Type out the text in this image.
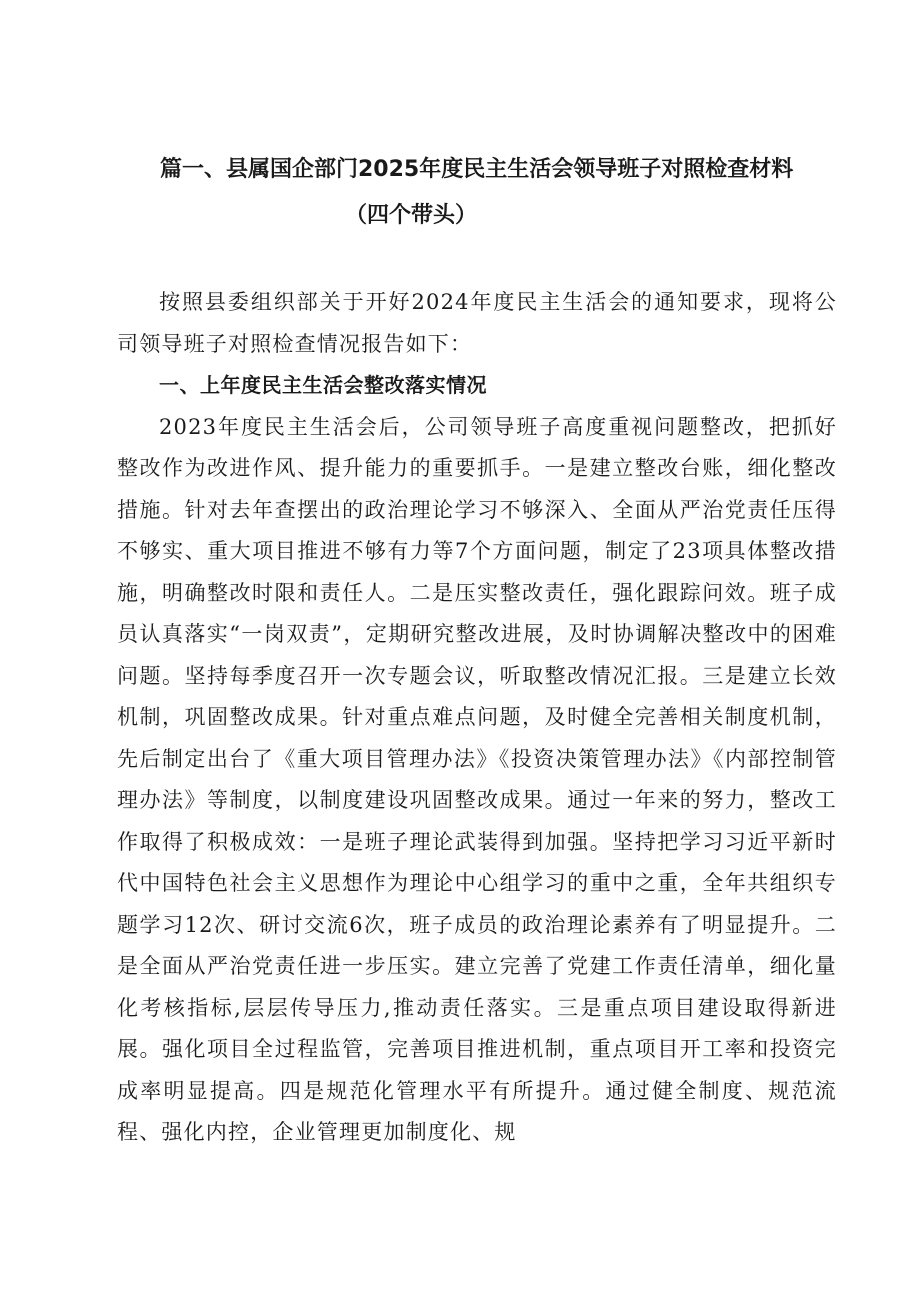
篇一、县属国企部门2025年度民主生活会领导班子对照检查材料
（四个带头）

按照县委组织部关于开好2024年度民主生活会的通知要求，现将公司领导班子对照检查情况报告如下：

一、上年度民主生活会整改落实情况

2023年度民主生活会后，公司领导班子高度重视问题整改，把抓好整改作为改进作风、提升能力的重要抓手。一是建立整改台账，细化整改措施。针对去年查摆出的政治理论学习不够深入、全面从严治党责任压得不够实、重大项目推进不够有力等7个方面问题，制定了23项具体整改措施，明确整改时限和责任人。二是压实整改责任，强化跟踪问效。班子成员认真落实“一岗双责”，定期研究整改进展，及时协调解决整改中的困难问题。坚持每季度召开一次专题会议，听取整改情况汇报。三是建立长效机制，巩固整改成果。针对重点难点问题，及时健全完善相关制度机制，先后制定出台了《重大项目管理办法》《投资决策管理办法》《内部控制管理办法》等制度，以制度建设巩固整改成果。通过一年来的努力，整改工作取得了积极成效：一是班子理论武装得到加强。坚持把学习习近平新时代中国特色社会主义思想作为理论中心组学习的重中之重，全年共组织专题学习12次、研讨交流6次，班子成员的政治理论素养有了明显提升。二是全面从严治党责任进一步压实。建立完善了党建工作责任清单，细化量化考核指标,层层传导压力,推动责任落实。三是重点项目建设取得新进展。强化项目全过程监管，完善项目推进机制，重点项目开工率和投资完成率明显提高。四是规范化管理水平有所提升。通过健全制度、规范流程、强化内控，企业管理更加制度化、规
